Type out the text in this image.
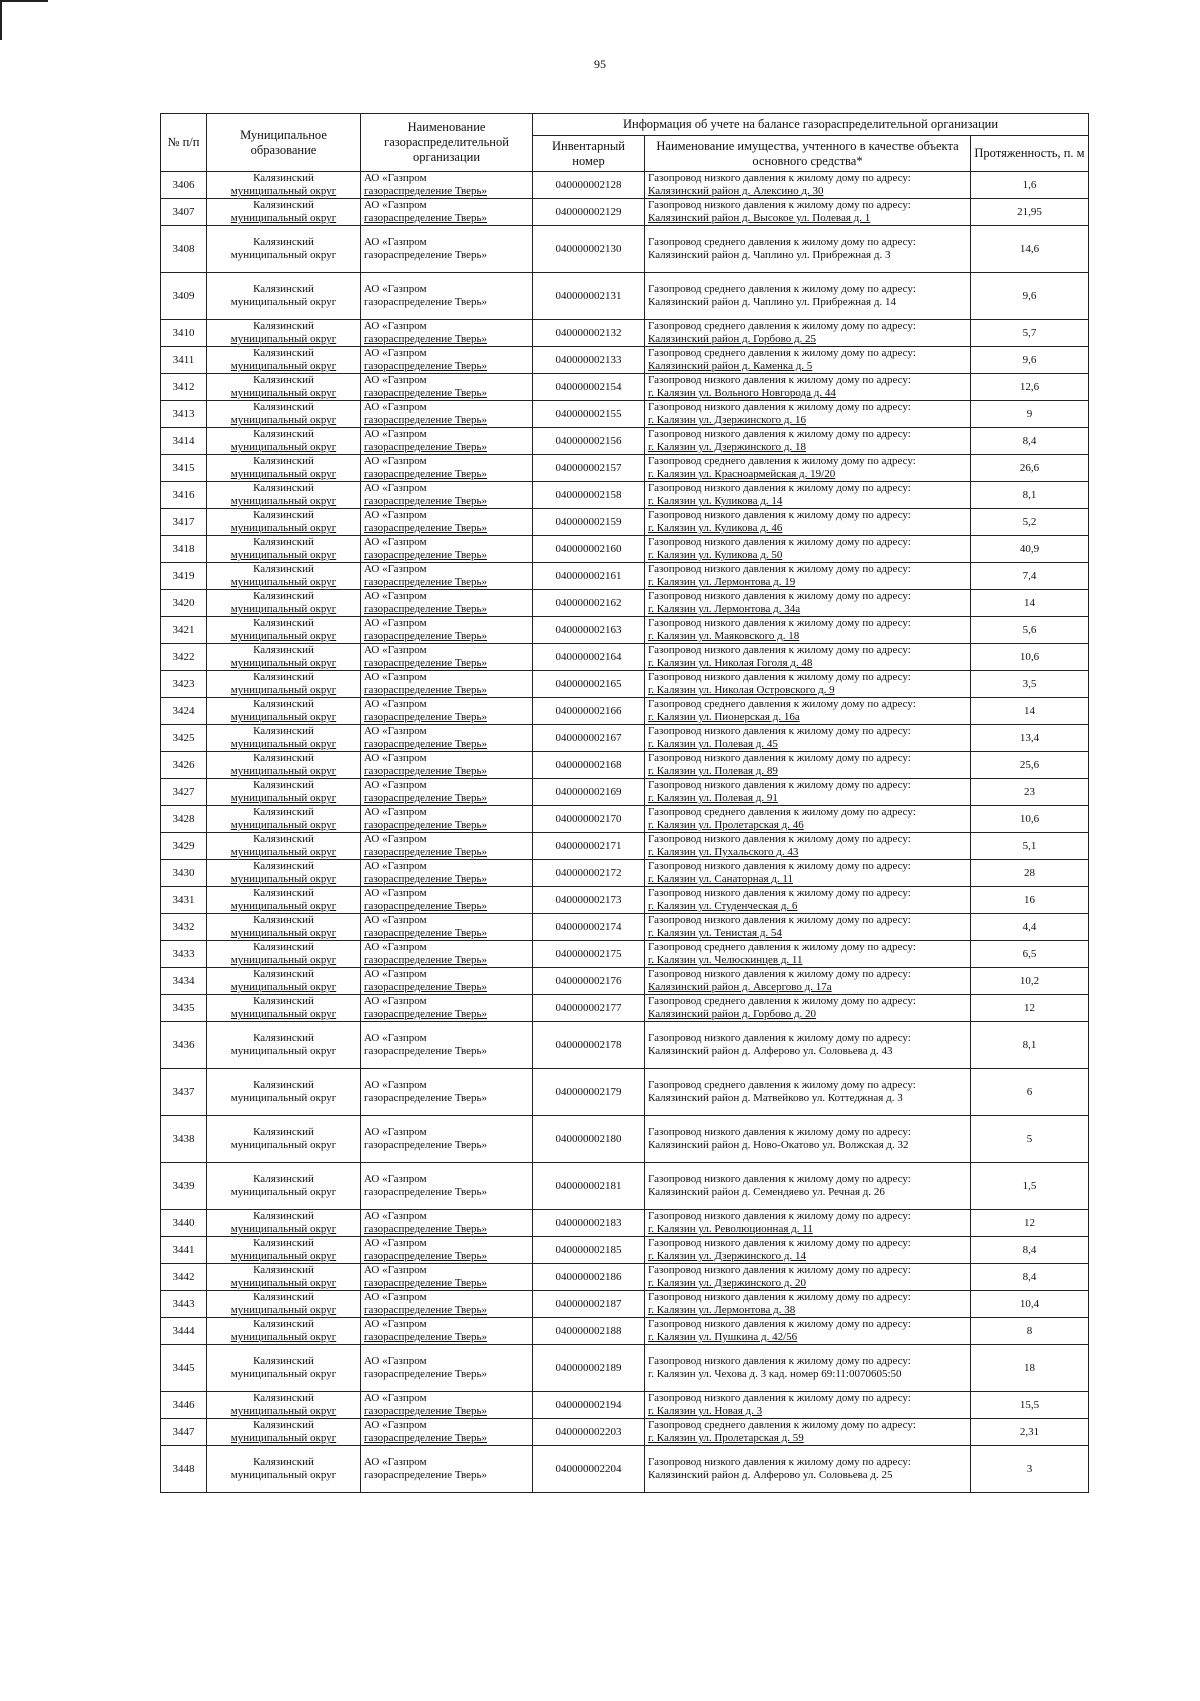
95
№ п/п	Муниципальное образование	Наименование газораспределительной организации	Информация об учете на балансе газораспределительной организации		
			Инвентарный номер	Наименование имущества, учтенного в качестве объекта основного средства*	Протяженность, п. м
3406	Калязинский
муниципальный округ	АО «Газпром
газораспределение Тверь»	040000002128	Газопровод низкого давления к жилому дому по адресу:
Калязинский район д. Алексино д. 30	1,6
3407	Калязинский
муниципальный округ	АО «Газпром
газораспределение Тверь»	040000002129	Газопровод низкого давления к жилому дому по адресу:
Калязинский район д. Высокое ул. Полевая д. 1	21,95
3408	Калязинский
муниципальный округ	АО «Газпром
газораспределение Тверь»	040000002130	Газопровод среднего давления к жилому дому по адресу:
Калязинский район д. Чаплино ул. Прибрежная д. 3	14,6
3409	Калязинский
муниципальный округ	АО «Газпром
газораспределение Тверь»	040000002131	Газопровод среднего давления к жилому дому по адресу:
Калязинский район д. Чаплино ул. Прибрежная д. 14	9,6
3410	Калязинский
муниципальный округ	АО «Газпром
газораспределение Тверь»	040000002132	Газопровод среднего давления к жилому дому по адресу:
Калязинский район д. Горбово д. 25	5,7
3411	Калязинский
муниципальный округ	АО «Газпром
газораспределение Тверь»	040000002133	Газопровод среднего давления к жилому дому по адресу:
Калязинский район д. Каменка д. 5	9,6
3412	Калязинский
муниципальный округ	АО «Газпром
газораспределение Тверь»	040000002154	Газопровод низкого давления к жилому дому по адресу:
г. Калязин ул. Вольного Новгорода д. 44	12,6
3413	Калязинский
муниципальный округ	АО «Газпром
газораспределение Тверь»	040000002155	Газопровод низкого давления к жилому дому по адресу:
г. Калязин ул. Дзержинского д. 16	9
3414	Калязинский
муниципальный округ	АО «Газпром
газораспределение Тверь»	040000002156	Газопровод низкого давления к жилому дому по адресу:
г. Калязин ул. Дзержинского д. 18	8,4
3415	Калязинский
муниципальный округ	АО «Газпром
газораспределение Тверь»	040000002157	Газопровод среднего давления к жилому дому по адресу:
г. Калязин ул. Красноармейская д. 19/20	26,6
3416	Калязинский
муниципальный округ	АО «Газпром
газораспределение Тверь»	040000002158	Газопровод низкого давления к жилому дому по адресу:
г. Калязин ул. Куликова д. 14	8,1
3417	Калязинский
муниципальный округ	АО «Газпром
газораспределение Тверь»	040000002159	Газопровод низкого давления к жилому дому по адресу:
г. Калязин ул. Куликова д. 46	5,2
3418	Калязинский
муниципальный округ	АО «Газпром
газораспределение Тверь»	040000002160	Газопровод низкого давления к жилому дому по адресу:
г. Калязин ул. Куликова д. 50	40,9
3419	Калязинский
муниципальный округ	АО «Газпром
газораспределение Тверь»	040000002161	Газопровод низкого давления к жилому дому по адресу:
г. Калязин ул. Лермонтова д. 19	7,4
3420	Калязинский
муниципальный округ	АО «Газпром
газораспределение Тверь»	040000002162	Газопровод низкого давления к жилому дому по адресу:
г. Калязин ул. Лермонтова д. 34а	14
3421	Калязинский
муниципальный округ	АО «Газпром
газораспределение Тверь»	040000002163	Газопровод низкого давления к жилому дому по адресу:
г. Калязин ул. Маяковского д. 18	5,6
3422	Калязинский
муниципальный округ	АО «Газпром
газораспределение Тверь»	040000002164	Газопровод низкого давления к жилому дому по адресу:
г. Калязин ул. Николая Гоголя д. 48	10,6
3423	Калязинский
муниципальный округ	АО «Газпром
газораспределение Тверь»	040000002165	Газопровод низкого давления к жилому дому по адресу:
г. Калязин ул. Николая Островского д. 9	3,5
3424	Калязинский
муниципальный округ	АО «Газпром
газораспределение Тверь»	040000002166	Газопровод среднего давления к жилому дому по адресу:
г. Калязин ул. Пионерская д. 16а	14
3425	Калязинский
муниципальный округ	АО «Газпром
газораспределение Тверь»	040000002167	Газопровод низкого давления к жилому дому по адресу:
г. Калязин ул. Полевая д. 45	13,4
3426	Калязинский
муниципальный округ	АО «Газпром
газораспределение Тверь»	040000002168	Газопровод низкого давления к жилому дому по адресу:
г. Калязин ул. Полевая д. 89	25,6
3427	Калязинский
муниципальный округ	АО «Газпром
газораспределение Тверь»	040000002169	Газопровод низкого давления к жилому дому по адресу:
г. Калязин ул. Полевая д. 91	23
3428	Калязинский
муниципальный округ	АО «Газпром
газораспределение Тверь»	040000002170	Газопровод среднего давления к жилому дому по адресу:
г. Калязин ул. Пролетарская д. 46	10,6
3429	Калязинский
муниципальный округ	АО «Газпром
газораспределение Тверь»	040000002171	Газопровод низкого давления к жилому дому по адресу:
г. Калязин ул. Пухальского д. 43	5,1
3430	Калязинский
муниципальный округ	АО «Газпром
газораспределение Тверь»	040000002172	Газопровод низкого давления к жилому дому по адресу:
г. Калязин ул. Санаторная д. 11	28
3431	Калязинский
муниципальный округ	АО «Газпром
газораспределение Тверь»	040000002173	Газопровод низкого давления к жилому дому по адресу:
г. Калязин ул. Студенческая д. 6	16
3432	Калязинский
муниципальный округ	АО «Газпром
газораспределение Тверь»	040000002174	Газопровод низкого давления к жилому дому по адресу:
г. Калязин ул. Тенистая д. 54	4,4
3433	Калязинский
муниципальный округ	АО «Газпром
газораспределение Тверь»	040000002175	Газопровод среднего давления к жилому дому по адресу:
г. Калязин ул. Челюскинцев д. 11	6,5
3434	Калязинский
муниципальный округ	АО «Газпром
газораспределение Тверь»	040000002176	Газопровод низкого давления к жилому дому по адресу:
Калязинский район д. Авсергово д. 17а	10,2
3435	Калязинский
муниципальный округ	АО «Газпром
газораспределение Тверь»	040000002177	Газопровод среднего давления к жилому дому по адресу:
Калязинский район д. Горбово д. 20	12
3436	Калязинский
муниципальный округ	АО «Газпром
газораспределение Тверь»	040000002178	Газопровод низкого давления к жилому дому по адресу:
Калязинский район д. Алферово ул. Соловьева д. 43	8,1
3437	Калязинский
муниципальный округ	АО «Газпром
газораспределение Тверь»	040000002179	Газопровод среднего давления к жилому дому по адресу:
Калязинский район д. Матвейково ул. Коттеджная д. 3	6
3438	Калязинский
муниципальный округ	АО «Газпром
газораспределение Тверь»	040000002180	Газопровод низкого давления к жилому дому по адресу:
Калязинский район д. Ново-Окатово ул. Волжская д. 32	5
3439	Калязинский
муниципальный округ	АО «Газпром
газораспределение Тверь»	040000002181	Газопровод низкого давления к жилому дому по адресу:
Калязинский район д. Семендяево ул. Речная д. 26	1,5
3440	Калязинский
муниципальный округ	АО «Газпром
газораспределение Тверь»	040000002183	Газопровод низкого давления к жилому дому по адресу:
г. Калязин ул. Революционная д. 11	12
3441	Калязинский
муниципальный округ	АО «Газпром
газораспределение Тверь»	040000002185	Газопровод низкого давления к жилому дому по адресу:
г. Калязин ул. Дзержинского д. 14	8,4
3442	Калязинский
муниципальный округ	АО «Газпром
газораспределение Тверь»	040000002186	Газопровод низкого давления к жилому дому по адресу:
г. Калязин ул. Дзержинского д. 20	8,4
3443	Калязинский
муниципальный округ	АО «Газпром
газораспределение Тверь»	040000002187	Газопровод низкого давления к жилому дому по адресу:
г. Калязин ул. Лермонтова д. 38	10,4
3444	Калязинский
муниципальный округ	АО «Газпром
газораспределение Тверь»	040000002188	Газопровод низкого давления к жилому дому по адресу:
г. Калязин ул. Пушкина д. 42/56	8
3445	Калязинский
муниципальный округ	АО «Газпром
газораспределение Тверь»	040000002189	Газопровод низкого давления к жилому дому по адресу:
г. Калязин ул. Чехова д. 3 кад. номер 69:11:0070605:50	18
3446	Калязинский
муниципальный округ	АО «Газпром
газораспределение Тверь»	040000002194	Газопровод низкого давления к жилому дому по адресу:
г. Калязин ул. Новая д. 3	15,5
3447	Калязинский
муниципальный округ	АО «Газпром
газораспределение Тверь»	040000002203	Газопровод среднего давления к жилому дому по адресу:
г. Калязин ул. Пролетарская д. 59	2,31
3448	Калязинский
муниципальный округ	АО «Газпром
газораспределение Тверь»	040000002204	Газопровод низкого давления к жилому дому по адресу:
Калязинский район д. Алферово ул. Соловьева д. 25	3
